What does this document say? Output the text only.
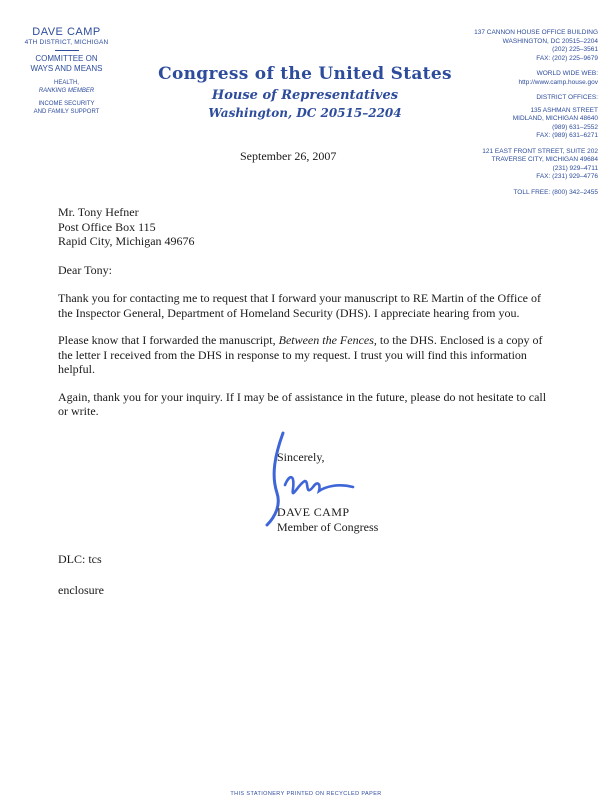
DAVE CAMP
4TH DISTRICT, MICHIGAN
COMMITTEE ON
WAYS AND MEANS
HEALTH,
RANKING MEMBER
INCOME SECURITY
AND FAMILY SUPPORT
Congress of the United States
House of Representatives
Washington, DC 20515–2204
September 26, 2007
137 CANNON HOUSE OFFICE BUILDING
WASHINGTON, DC 20515–2204
(202) 225–3561
FAX: (202) 225–9679
WORLD WIDE WEB:
http://www.camp.house.gov
DISTRICT OFFICES:
135 ASHMAN STREET
MIDLAND, MICHIGAN 48640
(989) 631–2552
FAX: (989) 631–6271
121 EAST FRONT STREET, SUITE 202
TRAVERSE CITY, MICHIGAN 49684
(231) 929–4711
FAX: (231) 929–4776
TOLL FREE: (800) 342–2455
Mr. Tony Hefner
Post Office Box 115
Rapid City, Michigan 49676

Dear Tony:

Thank you for contacting me to request that I forward your manuscript to RE Martin of the Office of the Inspector General, Department of Homeland Security (DHS). I appreciate hearing from you.

Please know that I forwarded the manuscript, Between the Fences, to the DHS. Enclosed is a copy of the letter I received from the DHS in response to my request. I trust you will find this information helpful.

Again, thank you for your inquiry. If I may be of assistance in the future, please do not hesitate to call or write.

Sincerely,
DAVE CAMP
Member of Congress
DLC: tcs
enclosure
THIS STATIONERY PRINTED ON RECYCLED PAPER
